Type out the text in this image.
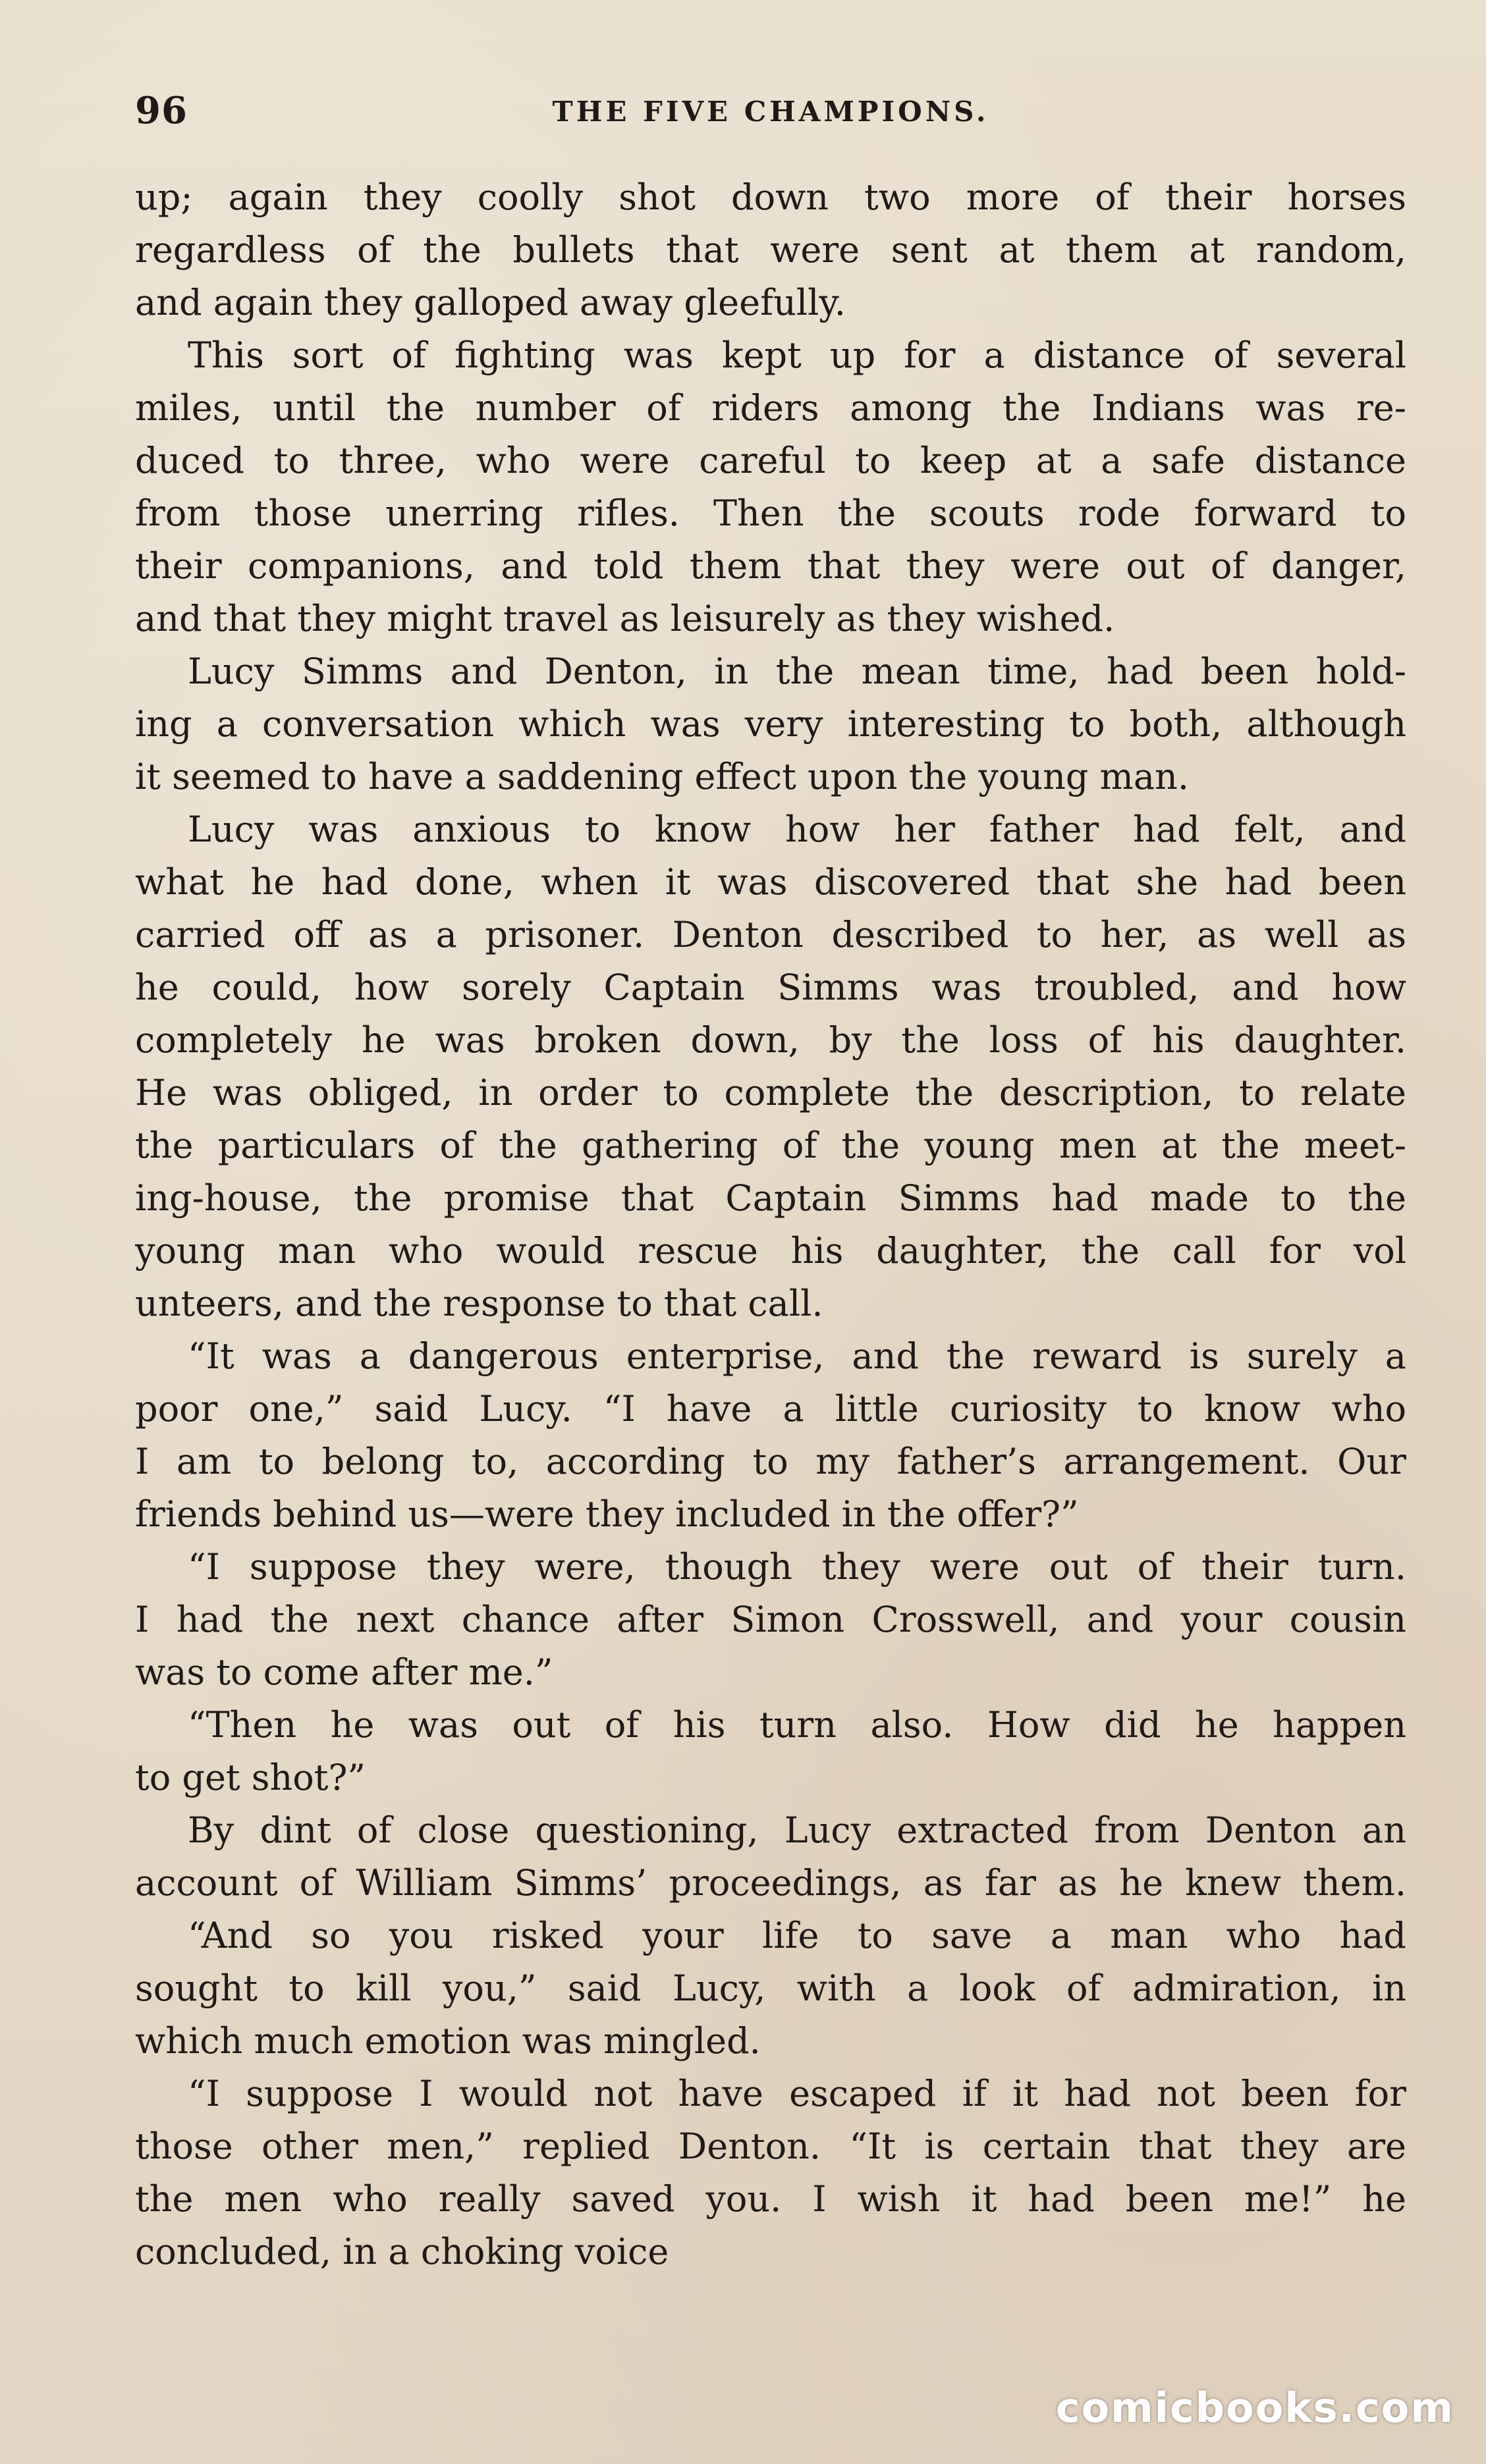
96	THE FIVE CHAMPIONS.
up; again they coolly shot down two more of their horses
regardless of the bullets that were sent at them at random,
and again they galloped away gleefully.
This sort of fighting was kept up for a distance of several
miles, until the number of riders among the Indians was re-
duced to three, who were careful to keep at a safe distance
from those unerring rifles. Then the scouts rode forward to
their companions, and told them that they were out of danger,
and that they might travel as leisurely as they wished.
Lucy Simms and Denton, in the mean time, had been hold-
ing a conversation which was very interesting to both, although
it seemed to have a saddening effect upon the young man.
Lucy was anxious to know how her father had felt, and
what he had done, when it was discovered that she had been
carried off as a prisoner. Denton described to her, as well as
he could, how sorely Captain Simms was troubled, and how
completely he was broken down, by the loss of his daughter.
He was obliged, in order to complete the description, to relate
the particulars of the gathering of the young men at the meet-
ing-house, the promise that Captain Simms had made to the
young man who would rescue his daughter, the call for vol
unteers, and the response to that call.
“It was a dangerous enterprise, and the reward is surely a
poor one,” said Lucy. “I have a little curiosity to know who
I am to belong to, according to my father’s arrangement. Our
friends behind us—were they included in the offer?”
“I suppose they were, though they were out of their turn.
I had the next chance after Simon Crosswell, and your cousin
was to come after me.”
“Then he was out of his turn also. How did he happen
to get shot?”
By dint of close questioning, Lucy extracted from Denton an
account of William Simms’ proceedings, as far as he knew them.
“And so you risked your life to save a man who had
sought to kill you,” said Lucy, with a look of admiration, in
which much emotion was mingled.
“I suppose I would not have escaped if it had not been for
those other men,” replied Denton. “It is certain that they are
the men who really saved you. I wish it had been me!” he
concluded, in a choking voice
comicbooks.com
